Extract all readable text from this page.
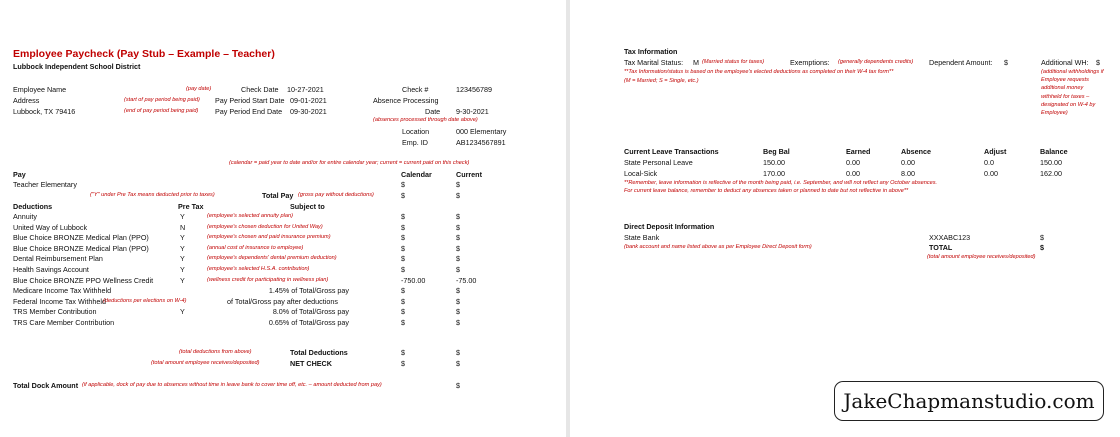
Employee Paycheck (Pay Stub – Example – Teacher)
Lubbock Independent School District
Employee Name
Address
Lubbock, TX 79416
(pay date)
(start of pay period being paid)
(end of pay period being paid)
Check Date 10-27-2021
Pay Period Start Date 09-01-2021
Pay Period End Date 09-30-2021
Check #	123456789
Absence Processing
Date 9-30-2021
(absences processed through date above)
Location	000 Elementary
Emp. ID	AB1234567891
(calendar = paid year to date and/or for entire calendar year; current = current paid on this check)
Pay	Calendar	Current
Teacher Elementary	$	$
("Y" under Pre Tax means deducted prior to taxes)	Total Pay (gross pay without deductions)	$	$
Deductions	Pre Tax	Subject to
Annuity	Y	(employee's selected annuity plan)	$	$
United Way of Lubbock	N	(employee's chosen deduction for United Way)	$	$
Blue Choice BRONZE Medical Plan (PPO)	Y	(employee's chosen and paid insurance premium)	$	$
Blue Choice BRONZE Medical Plan (PPO)	Y	(annual cost of insurance to employee)	$	$
Dental Reimbursement Plan	Y	(employee's dependents' dental premium deduction)	$	$
Health Savings Account	Y	(employee's selected H.S.A. contribution)	$	$
Blue Choice BRONZE PPO Wellness Credit	Y	(wellness credit for participating in wellness plan)	-750.00	-75.00
Medicare Income Tax Withheld	1.45% of Total/Gross pay	$	$
Federal Income Tax Withheld
(deductions per elections on W-4)	of Total/Gross pay after deductions	$	$
TRS Member Contribution	Y	8.0% of Total/Gross pay	$	$
TRS Care Member Contribution	0.65% of Total/Gross pay	$	$
(total deductions from above)	Total Deductions	$	$
(total amount employee receives/deposited)	NET CHECK	$	$
Total Dock Amount (if applicable, dock of pay due to absences without time in leave bank to cover time off, etc. – amount deducted from pay)	$
Tax Information
Tax Marital Status: M (Married status for taxes)	Exemptions: (generally dependents credits) Dependent Amount: $	Additional WH: $
**Tax Information/status is based on the employee's elected deductions as completed on their W-4 tax form**
(M = Married; S = Single, etc.)
(additional withholdings if
Employee requests
additional money
withheld for taxes –
designated on W-4 by
Employee)
Current Leave Transactions	Beg Bal	Earned	Absence	Adjust	Balance
State Personal Leave	150.00	0.00	0.00	0.0	150.00
Local-Sick	170.00	0.00	8.00	0.00	162.00
**Remember, leave information is reflective of the month being paid, i.e. September, and will not reflect any October absences.
For current leave balance, remember to deduct any absences taken or planned to date but not reflective in above**
Direct Deposit Information
State Bank	XXXABC123	$
(bank account and name listed above as per Employee Direct Deposit form)	TOTAL	$
(total amount employee receives/deposited)
JakeChapmanstudio.com
